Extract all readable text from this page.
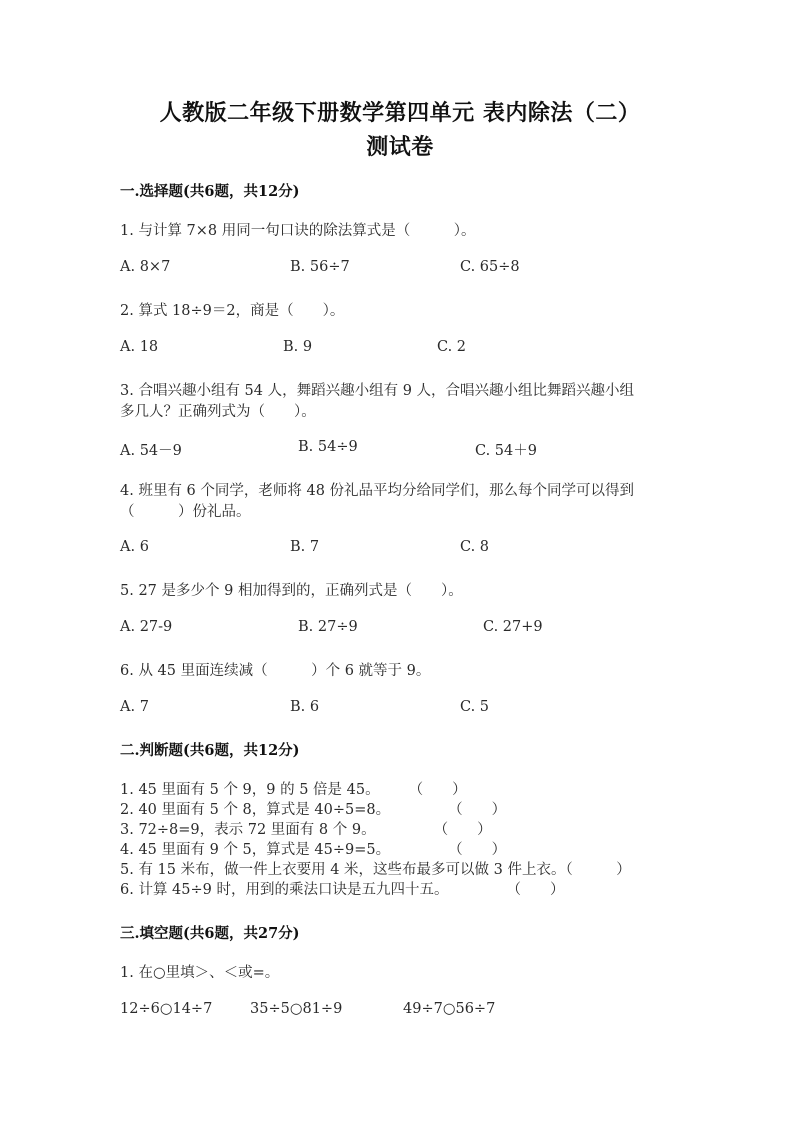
人教版二年级下册数学第四单元 表内除法（二）
测试卷
一.选择题(共6题，共12分)
1. 与计算 7×8 用同一句口诀的除法算式是（　　　）。
A. 8×7	B. 56÷7	C. 65÷8
2. 算式 18÷9＝2，商是（　　）。
A. 18	B. 9	C. 2
3. 合唱兴趣小组有 54 人，舞蹈兴趣小组有 9 人，合唱兴趣小组比舞蹈兴趣小组
多几人？正确列式为（　　）。
A. 54－9	B. 54÷9	C. 54＋9
4. 班里有 6 个同学，老师将 48 份礼品平均分给同学们，那么每个同学可以得到
（　　　）份礼品。
A. 6	B. 7	C. 8
5. 27 是多少个 9 相加得到的，正确列式是（　　）。
A. 27-9	B. 27÷9	C. 27+9
6. 从 45 里面连续减（　　　）个 6 就等于 9。
A. 7	B. 6	C. 5
二.判断题(共6题，共12分)
1. 45 里面有 5 个 9，9 的 5 倍是 45。　　　（　　）
2. 40 里面有 5 个 8，算式是 40÷5=8。　　　　　（　　）
3. 72÷8=9，表示 72 里面有 8 个 9。　　　　　（　　）
4. 45 里面有 9 个 5，算式是 45÷9=5。　　　　　（　　）
5. 有 15 米布，做一件上衣要用 4 米，这些布最多可以做 3 件上衣。（　　　）
6. 计算 45÷9 时，用到的乘法口诀是五九四十五。　　　　　（　　）
三.填空题(共6题，共27分)
1. 在○里填＞、＜或=。
12÷6○14÷7	35÷5○81÷9	49÷7○56÷7
